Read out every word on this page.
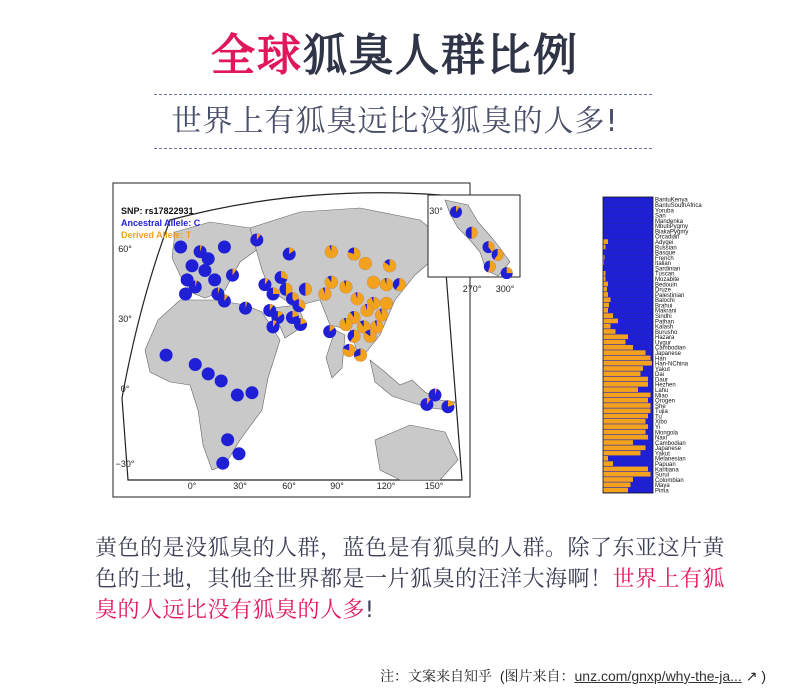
全球狐臭人群比例
世界上有狐臭远比没狐臭的人多!
60°
30°
0°
−30°
0°	30°	60°	90°	120°	150°
SNP: rs17822931
Ancestral Allele: C
Derived Allele: T
30°
270° 300°
BantuKenya
BantuSouthAfrica
Yoruba
San
Mandenka
MbutiPygmy
BiakaPygmy
Orcadian
Adygei
Russian
Basque
French
Italian
Sardinian
Tuscan
Mozabite
Bedouin
Druze
Palestinian
Balochi
Brahui
Makrani
Sindhi
Pathan
Kalash
Burusho
Hazara
Uygur
Cambodian
Japanese
Han
Han-NChina
Yakut
Dai
Daur
Hezhen
Lahu
Miao
Orogen
She
Tujia
Tu
Xibo
Yi
Mongola
Naxi
Cambodian
Japanese
Yakut
Melanesian
Papuan
Karitiana
Surui
Colombian
Maya
Pima
黄色的是没狐臭的人群，蓝色是有狐臭的人群。除了东亚这片黄色的土地，其他全世界都是一片狐臭的汪洋大海啊！世界上有狐臭的人远比没有狐臭的人多!
注：文案来自知乎 (图片来自：unz.com/gnxp/why-the-ja... ↗ )
